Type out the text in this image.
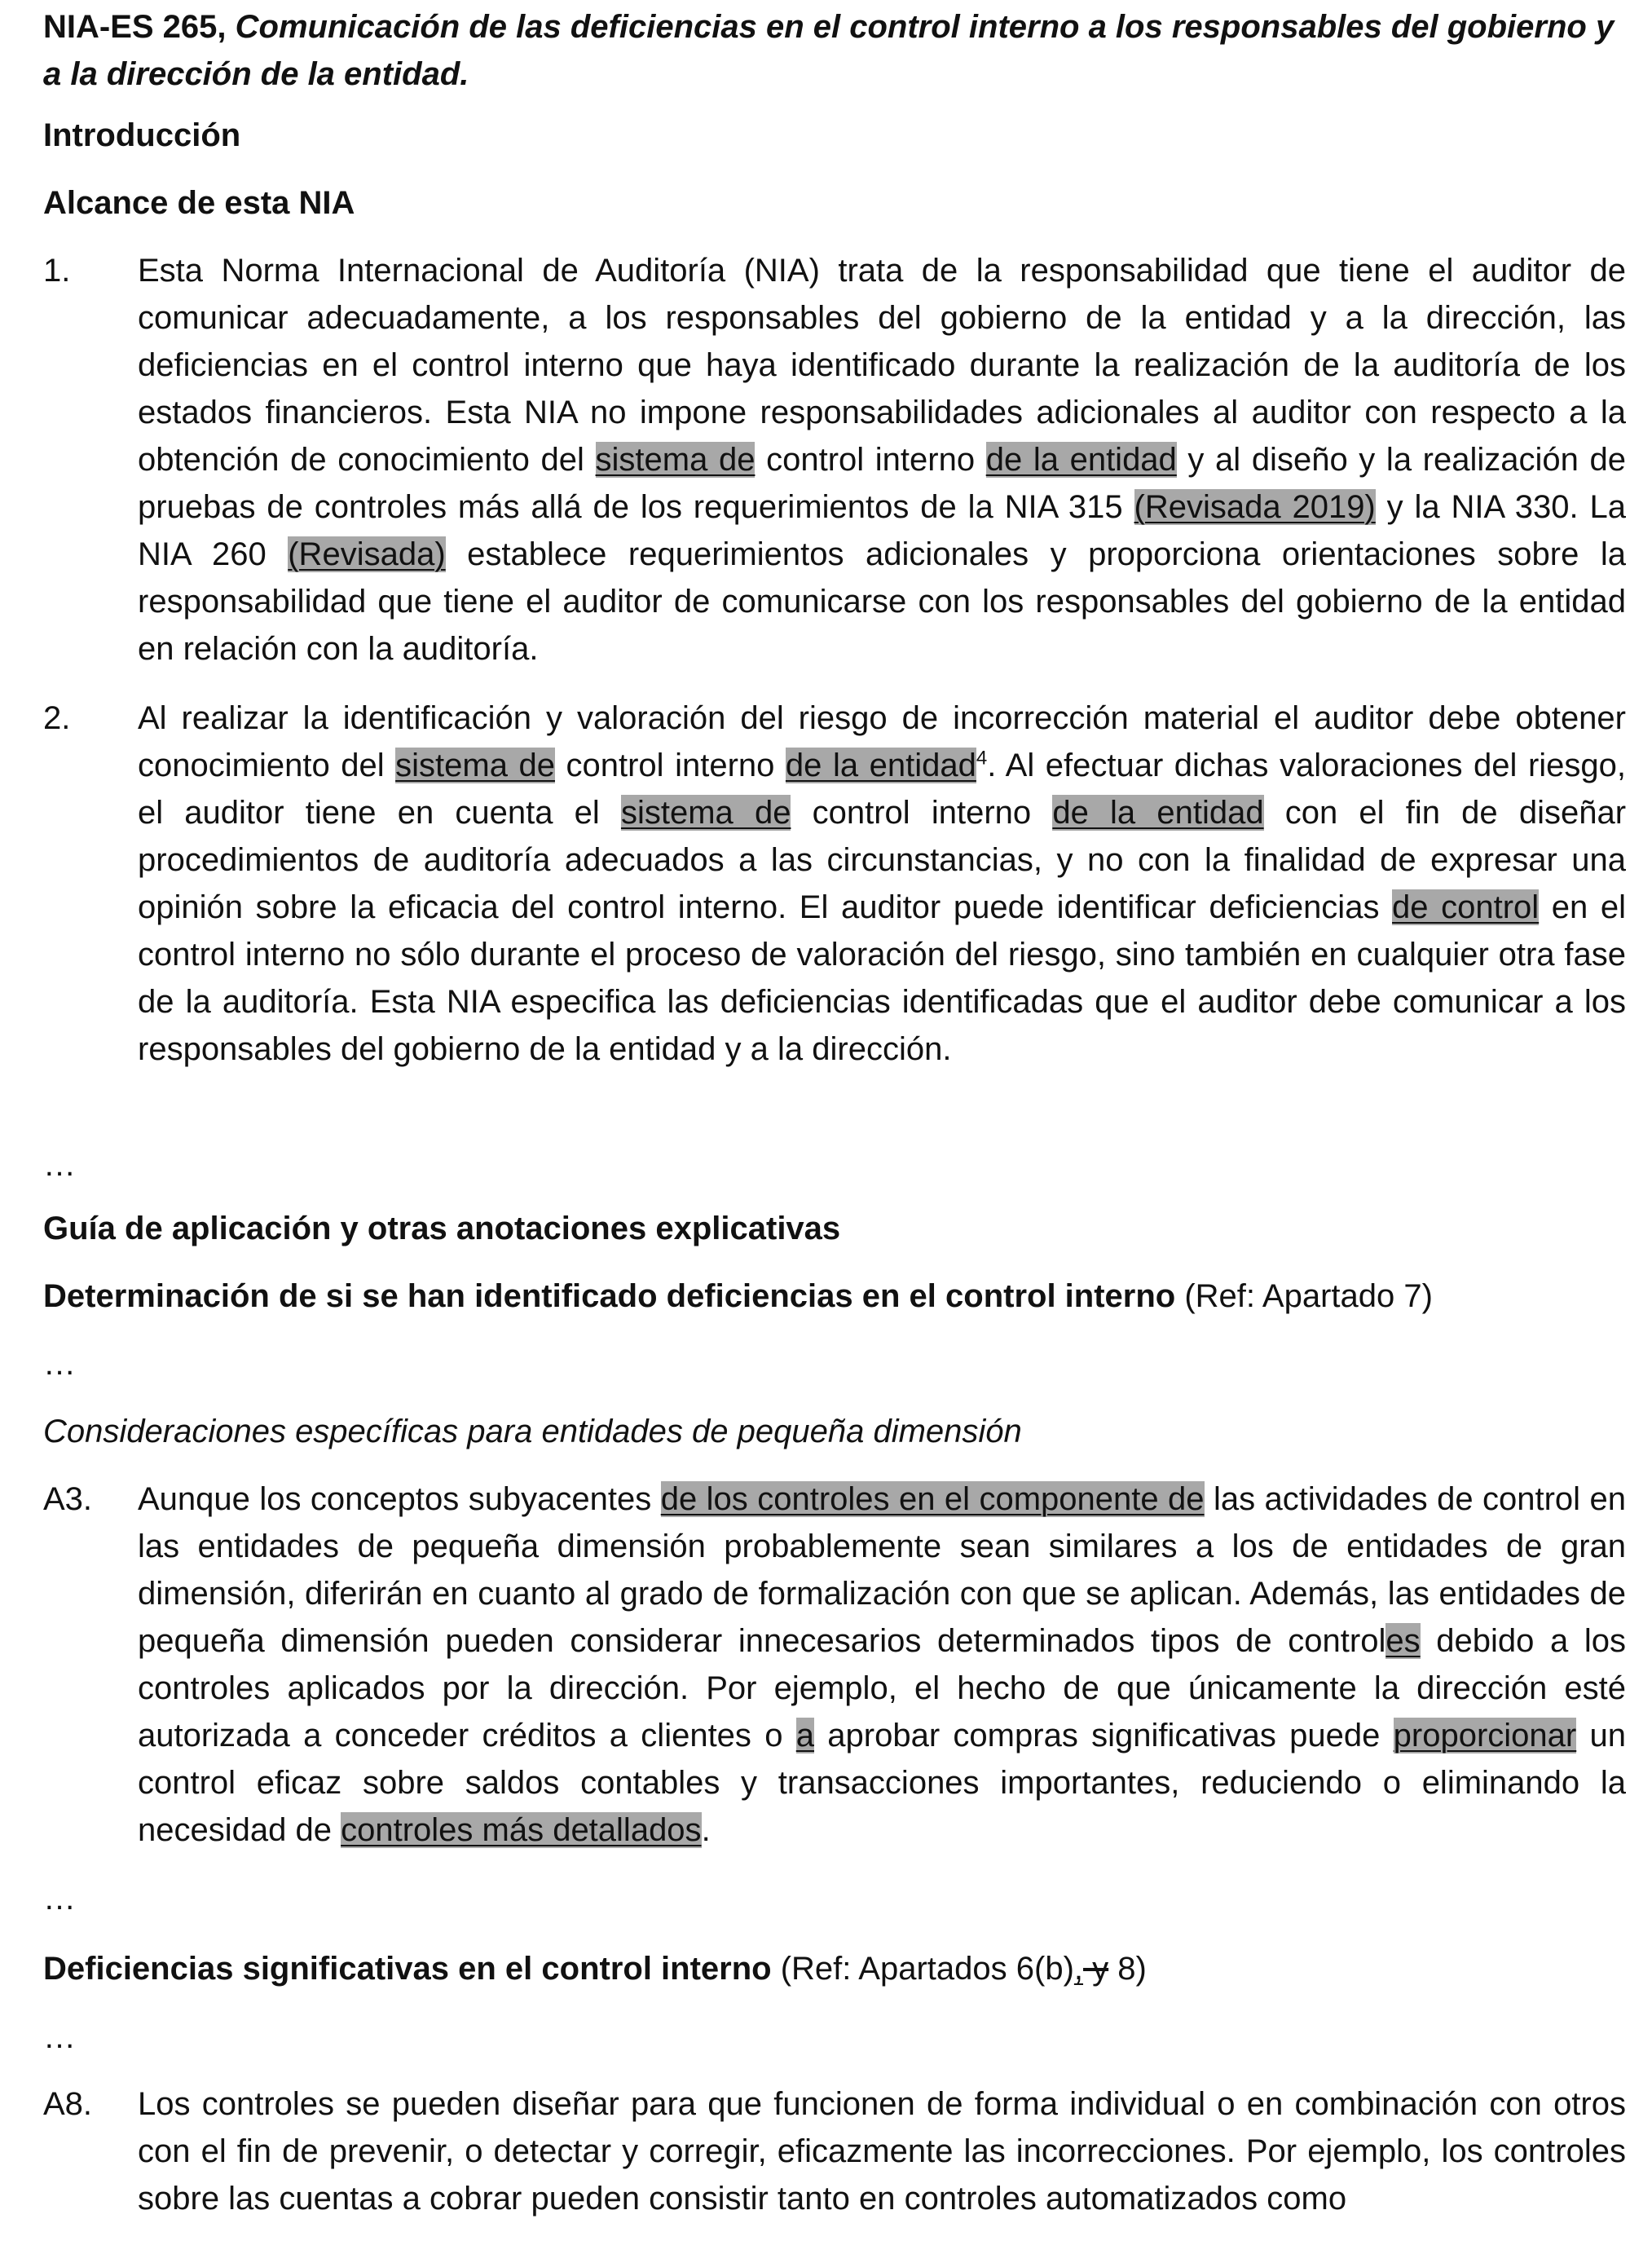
NIA-ES 265, Comunicación de las deficiencias en el control interno a los responsables del gobierno y a la dirección de la entidad.
Introducción
Alcance de esta NIA
1. Esta Norma Internacional de Auditoría (NIA) trata de la responsabilidad que tiene el auditor de comunicar adecuadamente, a los responsables del gobierno de la entidad y a la dirección, las deficiencias en el control interno que haya identificado durante la realización de la auditoría de los estados financieros. Esta NIA no impone responsabilidades adicionales al auditor con respecto a la obtención de conocimiento del sistema de control interno de la entidad y al diseño y la realización de pruebas de controles más allá de los requerimientos de la NIA 315 (Revisada 2019) y la NIA 330. La NIA 260 (Revisada) establece requerimientos adicionales y proporciona orientaciones sobre la responsabilidad que tiene el auditor de comunicarse con los responsables del gobierno de la entidad en relación con la auditoría.
2. Al realizar la identificación y valoración del riesgo de incorrección material el auditor debe obtener conocimiento del sistema de control interno de la entidad$^4$. Al efectuar dichas valoraciones del riesgo, el auditor tiene en cuenta el sistema de control interno de la entidad con el fin de diseñar procedimientos de auditoría adecuados a las circunstancias, y no con la finalidad de expresar una opinión sobre la eficacia del control interno. El auditor puede identificar deficiencias de control en el control interno no sólo durante el proceso de valoración del riesgo, sino también en cualquier otra fase de la auditoría. Esta NIA especifica las deficiencias identificadas que el auditor debe comunicar a los responsables del gobierno de la entidad y a la dirección.
…
Guía de aplicación y otras anotaciones explicativas
Determinación de si se han identificado deficiencias en el control interno (Ref: Apartado 7)
…
Consideraciones específicas para entidades de pequeña dimensión
A3. Aunque los conceptos subyacentes de los controles en el componente de las actividades de control en las entidades de pequeña dimensión probablemente sean similares a los de entidades de gran dimensión, diferirán en cuanto al grado de formalización con que se aplican. Además, las entidades de pequeña dimensión pueden considerar innecesarios determinados tipos de controles debido a los controles aplicados por la dirección. Por ejemplo, el hecho de que únicamente la dirección esté autorizada a conceder créditos a clientes o a aprobar compras significativas puede proporcionar un control eficaz sobre saldos contables y transacciones importantes, reduciendo o eliminando la necesidad de controles más detallados.
…
Deficiencias significativas en el control interno (Ref: Apartados 6(b), y 8)
…
A8. Los controles se pueden diseñar para que funcionen de forma individual o en combinación con otros con el fin de prevenir, o detectar y corregir, eficazmente las incorrecciones. Por ejemplo, los controles sobre las cuentas a cobrar pueden consistir tanto en controles automatizados como
